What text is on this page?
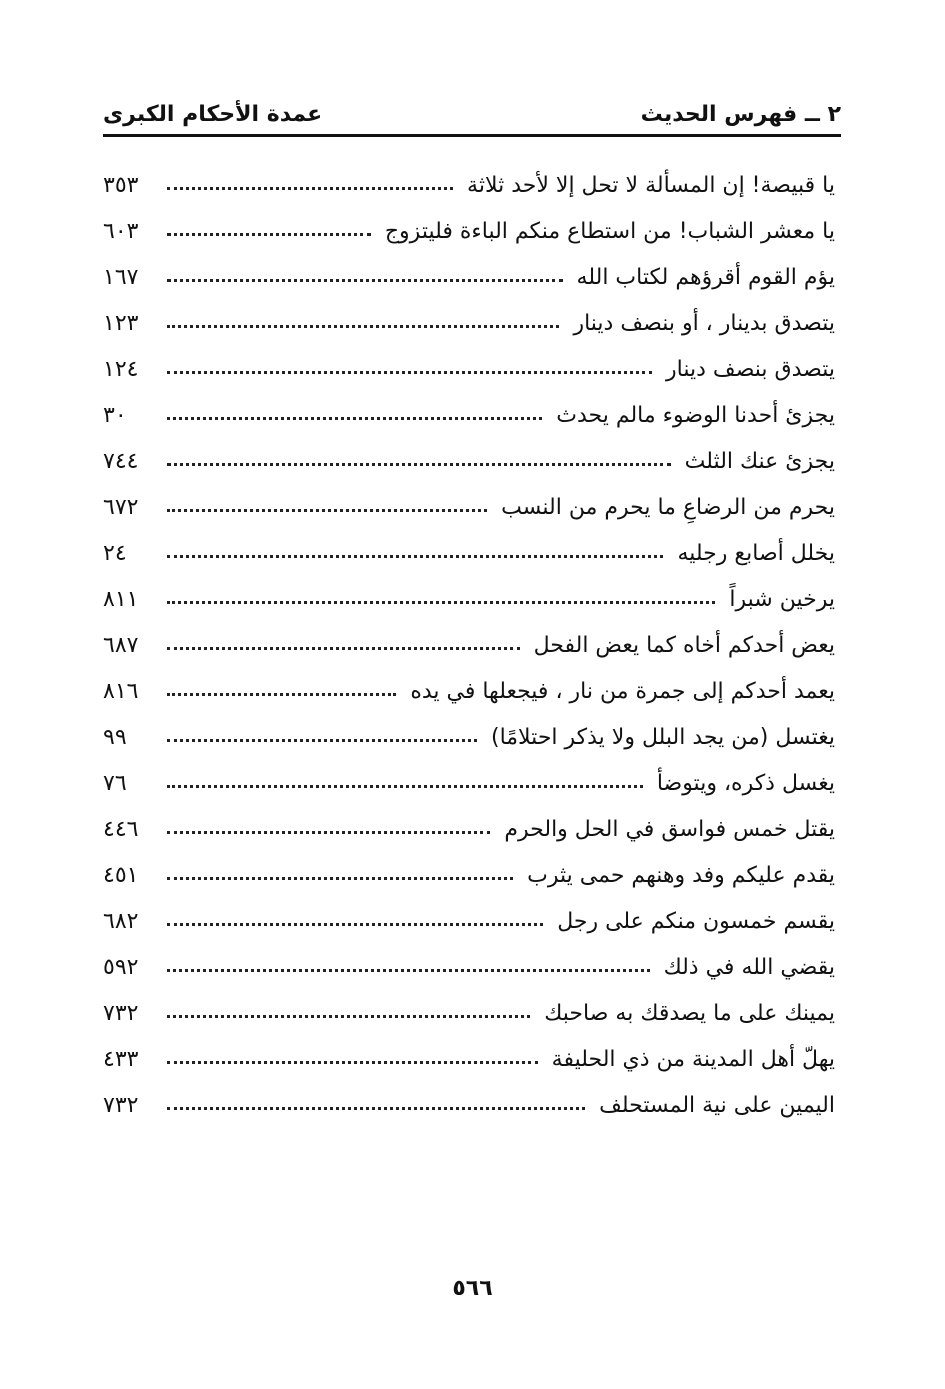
٢ ــ فهرس الحديث
عمدة الأحكام الكبرى
يا قبيصة! إن المسألة لا تحل إلا لأحد ثلاثة
٣٥٣
يا معشر الشباب! من استطاع منكم الباءة فليتزوج
٦٠٣
يؤم القوم أقرؤهم لكتاب الله
١٦٧
يتصدق بدينار ، أو بنصف دينار
١٢٣
يتصدق بنصف دينار
١٢٤
يجزئ أحدنا الوضوء مالم يحدث
٣٠
يجزئ عنك الثلث
٧٤٤
يحرم من الرضاعِ ما يحرم من النسب
٦٧٢
يخلل أصابع رجليه
٢٤
يرخين شبراً
٨١١
يعض أحدكم أخاه كما يعض الفحل
٦٨٧
يعمد أحدكم إلى جمرة من نار ، فيجعلها في يده
٨١٦
يغتسل (من يجد البلل ولا يذكر احتلامًا)
٩٩
يغسل ذكره، ويتوضأ
٧٦
يقتل خمس فواسق في الحل والحرم
٤٤٦
يقدم عليكم وفد وهنهم حمى يثرب
٤٥١
يقسم خمسون منكم على رجل
٦٨٢
يقضي الله في ذلك
٥٩٢
يمينك على ما يصدقك به صاحبك
٧٣٢
يهلّ أهل المدينة من ذي الحليفة
٤٣٣
اليمين على نية المستحلف
٧٣٢
٥٦٦
